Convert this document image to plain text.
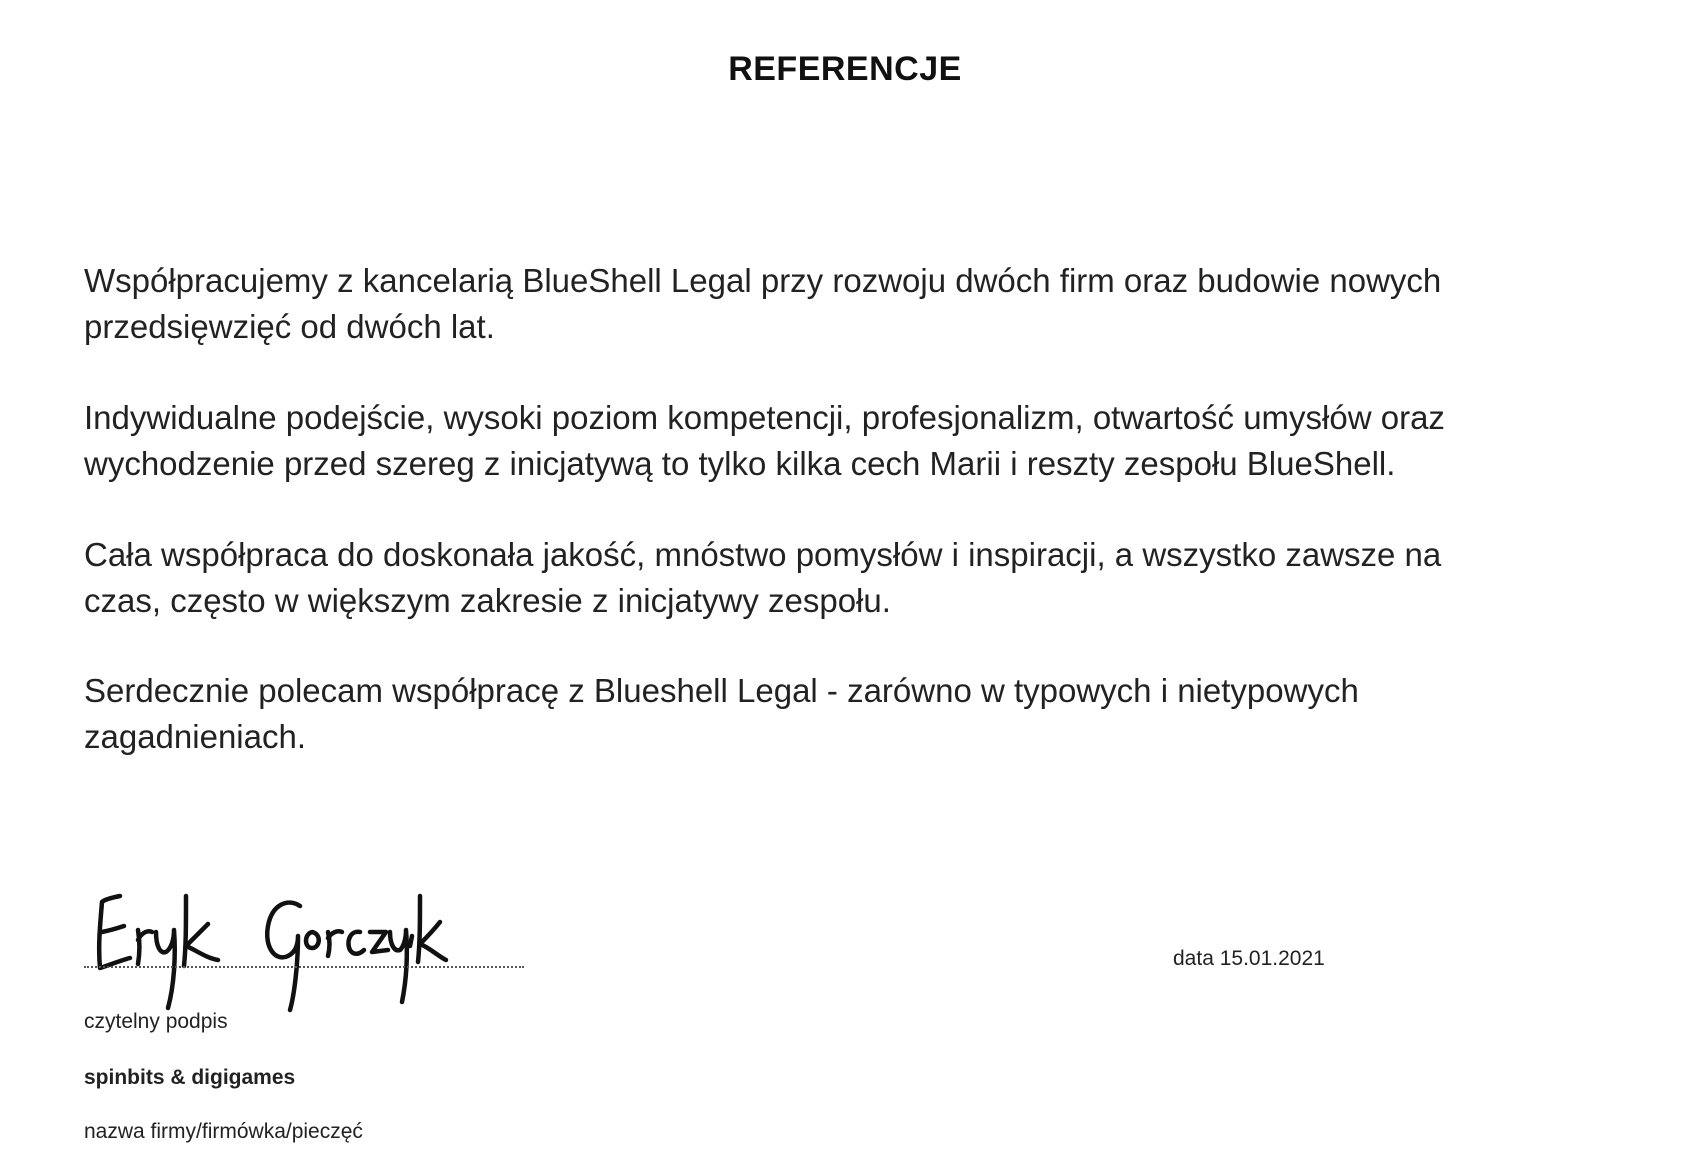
REFERENCJE

Współpracujemy z kancelarią BlueShell Legal przy rozwoju dwóch firm oraz budowie nowych

przedsięwzięć od dwóch lat.

Indywidualne podejście, wysoki poziom kompetencji, profesjonalizm, otwartość umysłów oraz

wychodzenie przed szereg z inicjatywą to tylko kilka cech Marii i reszty zespołu BlueShell.

Cała współpraca do doskonała jakość, mnóstwo pomysłów i inspiracji, a wszystko zawsze na

czas, często w większym zakresie z inicjatywy zespołu.

Serdecznie polecam współpracę z Blueshell Legal - zarówno w typowych i nietypowych

zagadnieniach.

data 15.01.2021
czytelny podpis
spinbits & digigames
nazwa firmy/firmówka/pieczęć
